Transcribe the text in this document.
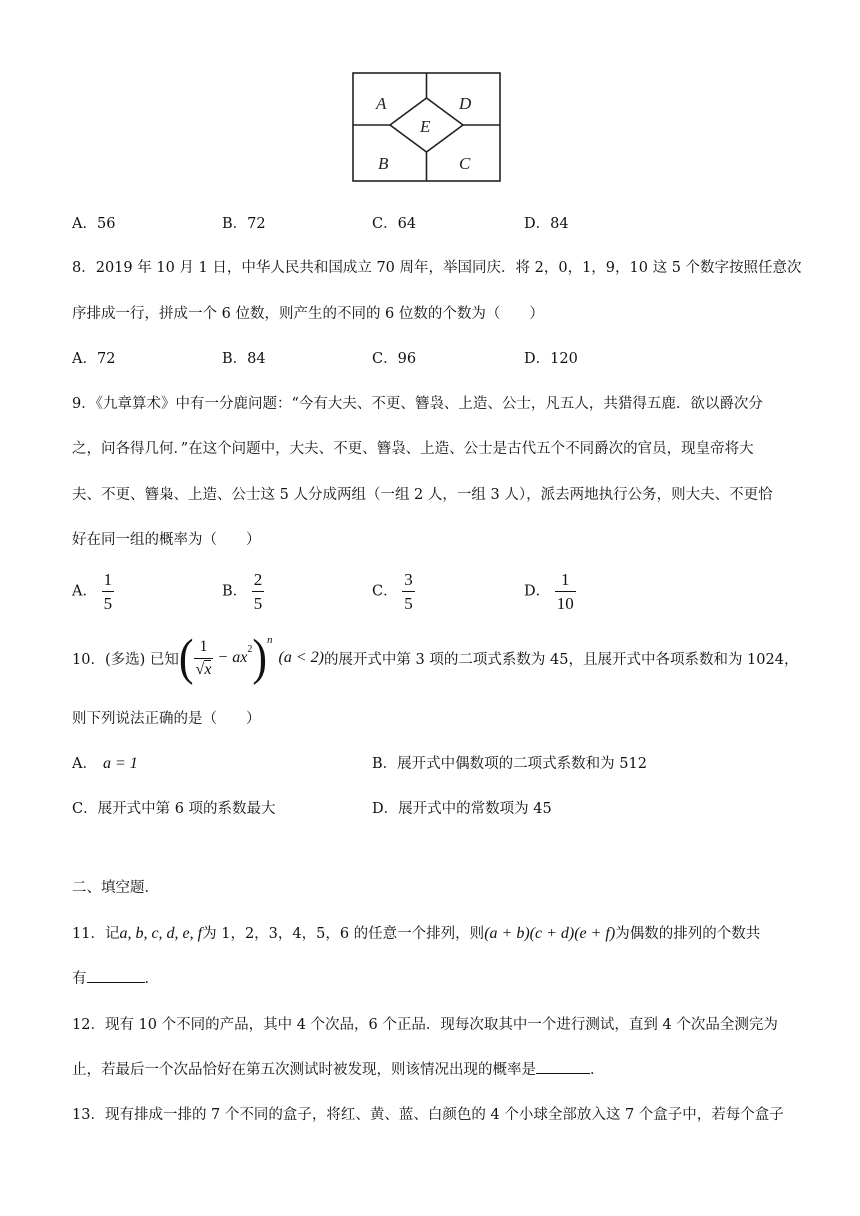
A	D
E
B	C
A．56	B．72	C．64	D．84
8．2019 年 10 月 1 日，中华人民共和国成立 70 周年，举国同庆．将 2，0，1，9，10 这 5 个数字按照任意次
序排成一行，拼成一个 6 位数，则产生的不同的 6 位数的个数为（　　）
A．72	B．84	C．96	D．120
9．《九章算术》中有一分鹿问题：“今有大夫、不更、簪袅、上造、公士，凡五人，共猎得五鹿．欲以爵次分
之，问各得几何．”在这个问题中，大夫、不更、簪袅、上造、公士是古代五个不同爵次的官员，现皇帝将大
夫、不更、簪枭、上造、公士这 5 人分成两组（一组 2 人，一组 3 人），派去两地执行公务，则大夫、不更恰
好在同一组的概率为（　　）
A． $\frac{1}{5}$	B． $\frac{2}{5}$	C． $\frac{3}{5}$	D． $\frac{1}{10}$
10．(多选) 已知 ( $\frac{1}{√x} - ax^2$ )$^n$
(a < 2) 的展开式中第 3 项的二项式系数为 45，且展开式中各项系数和为 1024，
则下列说法正确的是（　　）
A． a = 1	B．展开式中偶数项的二项式系数和为 512
C．展开式中第 6 项的系数最大	D．展开式中的常数项为 45
二、填空题．
11．记a, b, c, d, e, f为 1，2，3，4，5，6 的任意一个排列，则(a + b)(c + d)(e + f)为偶数的排列的个数共
有	．
12．现有 10 个不同的产品，其中 4 个次品，6 个正品．现每次取其中一个进行测试，直到 4 个次品全测完为
止，若最后一个次品恰好在第五次测试时被发现，则该情况出现的概率是	．
13．现有排成一排的 7 个不同的盒子，将红、黄、蓝、白颜色的 4 个小球全部放入这 7 个盒子中，若每个盒子
